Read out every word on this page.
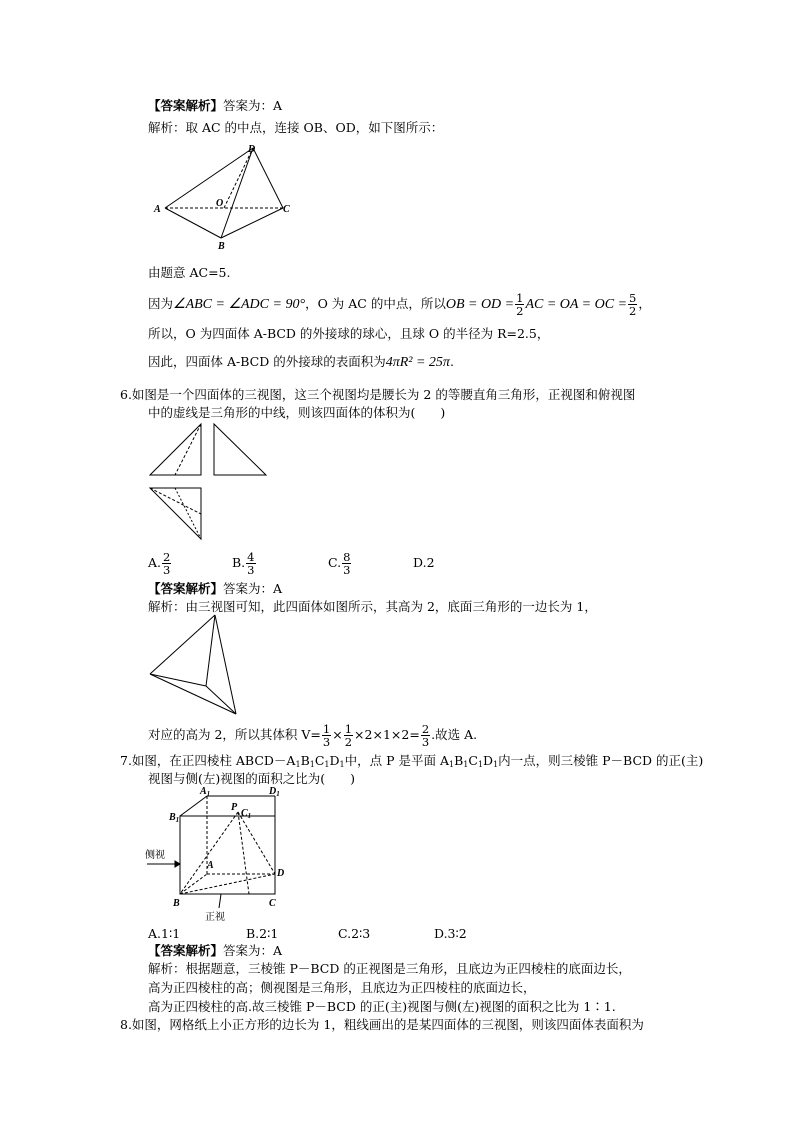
【答案解析】答案为：A
解析：取 AC 的中点，连接 OB、OD，如下图所示：
D
A
O
C
B
由题意 AC=5.
因为∠ABC = ∠ADC = 90°，O 为 AC 的中点，所以OB = OD = $\frac{1}{2}$ AC = OA = OC = $\frac{5}{2}$ ，
所以，O 为四面体 A-BCD 的外接球的球心，且球 O 的半径为 R=2.5，
因此，四面体 A-BCD 的外接球的表面积为4πR² = 25π.
6.如图是一个四面体的三视图，这三个视图均是腰长为 2 的等腰直角三角形，正视图和俯视图
中的虚线是三角形的中线，则该四面体的体积为(　　)
A. $\frac{2}{3}$	B. $\frac{4}{3}$	C. $\frac{8}{3}$	D.2
【答案解析】答案为：A
解析：由三视图可知，此四面体如图所示，其高为 2，底面三角形的一边长为 1，
对应的高为 2，所以其体积 $V= \frac{1}{3} \times \frac{1}{2} \times 2\times 1\times 2= \frac{2}{3}$ .故选 A.
7.如图，在正四棱柱 $ABCD-A_1B_1C_1D_1$中，点 P 是平面 $A_1B_1C_1D_1$内一点，则三棱锥 P－BCD 的正(主)
视图与侧(左)视图的面积之比为(　　)
$A_1$	$D_1$
$B_1$
$C_1$
P
A
D
B	C
侧视
正视
A.1∶1	B.2∶1	C.2∶3	D.3∶2
【答案解析】答案为：A
解析：根据题意，三棱锥 P－BCD 的正视图是三角形，且底边为正四棱柱的底面边长，
高为正四棱柱的高；侧视图是三角形，且底边为正四棱柱的底面边长，
高为正四棱柱的高.故三棱锥 P－BCD 的正(主)视图与侧(左)视图的面积之比为 1∶1.
8.如图，网格纸上小正方形的边长为 1，粗线画出的是某四面体的三视图，则该四面体表面积为
